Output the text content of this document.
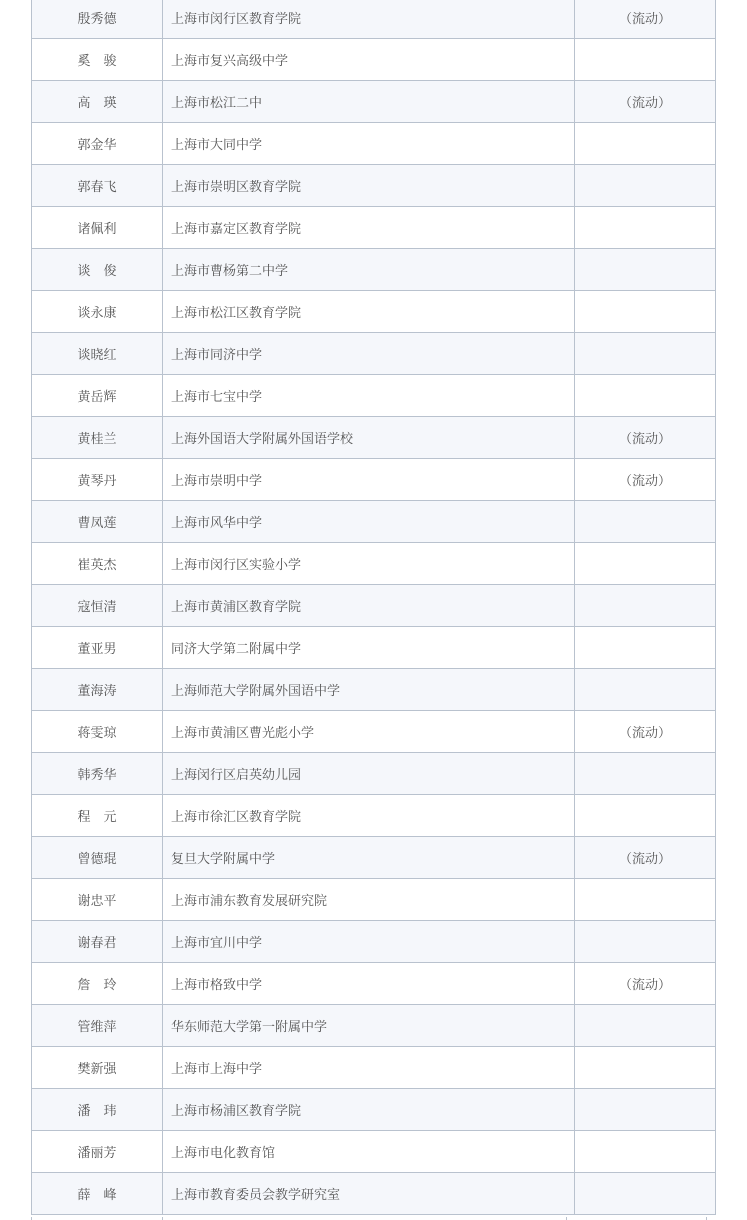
殷秀德	上海市闵行区教育学院	（流动）
奚　骏	上海市复兴高级中学	
高　瑛	上海市松江二中	（流动）
郭金华	上海市大同中学	
郭春飞	上海市崇明区教育学院	
诸佩利	上海市嘉定区教育学院	
谈　俊	上海市曹杨第二中学	
谈永康	上海市松江区教育学院	
谈晓红	上海市同济中学	
黄岳辉	上海市七宝中学	
黄桂兰	上海外国语大学附属外国语学校	（流动）
黄琴丹	上海市崇明中学	（流动）
曹凤莲	上海市风华中学	
崔英杰	上海市闵行区实验小学	
寇恒清	上海市黄浦区教育学院	
董亚男	同济大学第二附属中学	
董海涛	上海师范大学附属外国语中学	
蒋雯琼	上海市黄浦区曹光彪小学	（流动）
韩秀华	上海闵行区启英幼儿园	
程　元	上海市徐汇区教育学院	
曾德琨	复旦大学附属中学	（流动）
谢忠平	上海市浦东教育发展研究院	
谢春君	上海市宜川中学	
詹　玲	上海市格致中学	（流动）
管维萍	华东师范大学第一附属中学	
樊新强	上海市上海中学	
潘　玮	上海市杨浦区教育学院	
潘丽芳	上海市电化教育馆	
薛　峰	上海市教育委员会教学研究室	
